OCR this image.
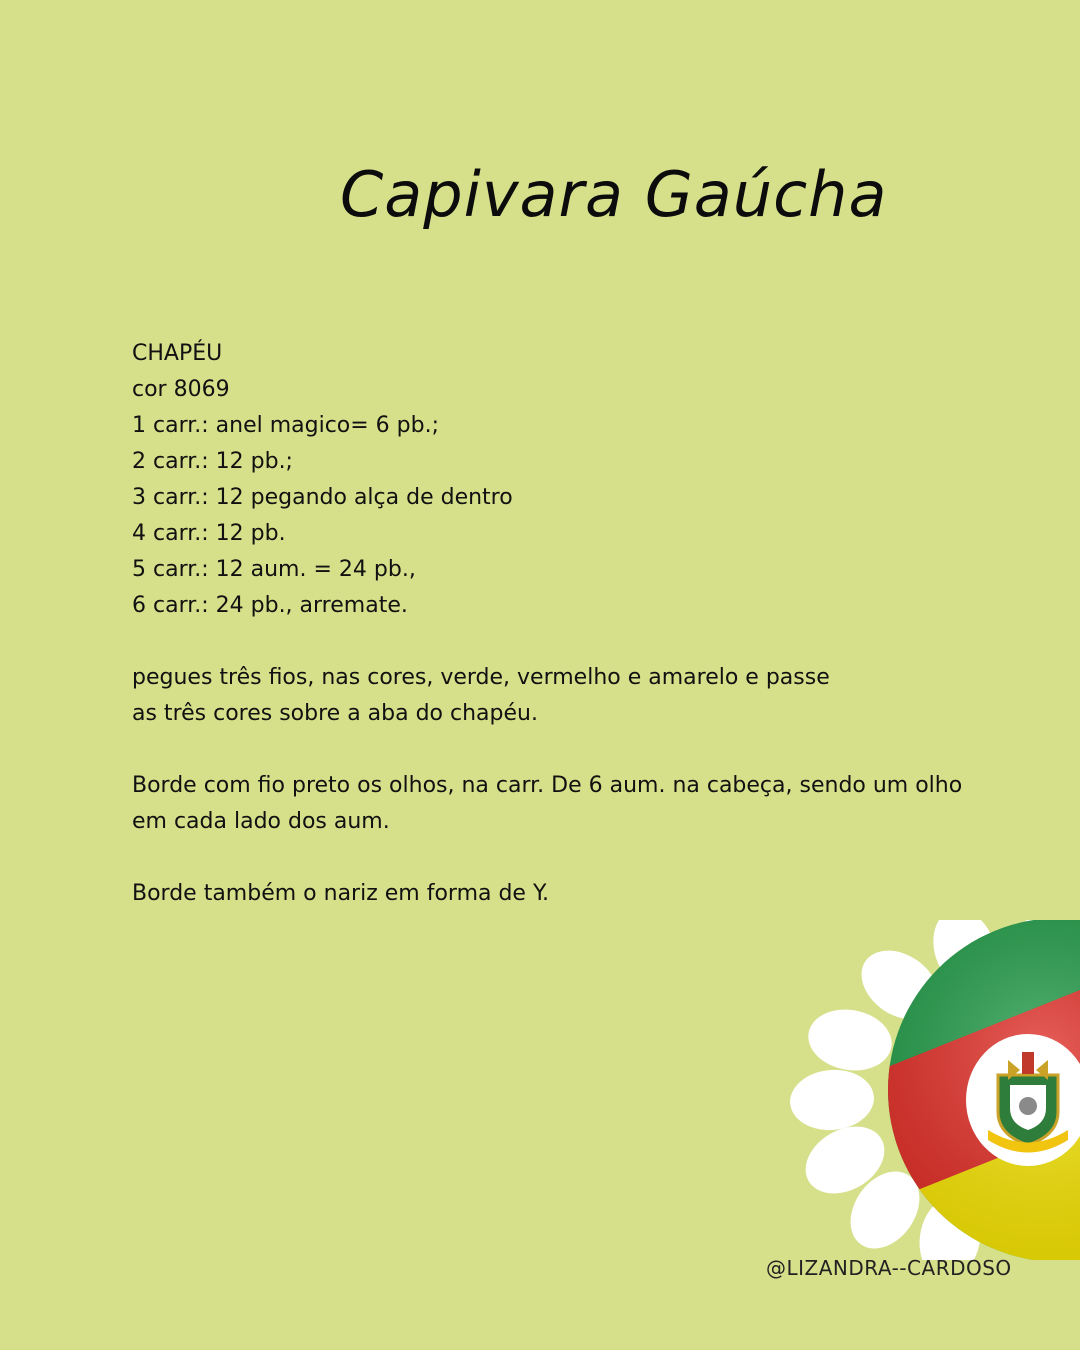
Capivara Gaúcha
CHAPÉU
cor 8069
1 carr.: anel magico= 6 pb.;
2 carr.: 12 pb.;
3 carr.: 12 pegando alça de dentro
4 carr.: 12 pb.
5 carr.: 12 aum. = 24 pb.,
6 carr.: 24 pb., arremate.
pegues três fios, nas cores, verde, vermelho e amarelo e passe
as três cores sobre a aba do chapéu.
Borde com fio preto os olhos, na carr. De 6 aum. na cabeça, sendo um olho
em cada lado dos aum.
Borde também o nariz em forma de Y.
@LIZANDRA--CARDOSO
